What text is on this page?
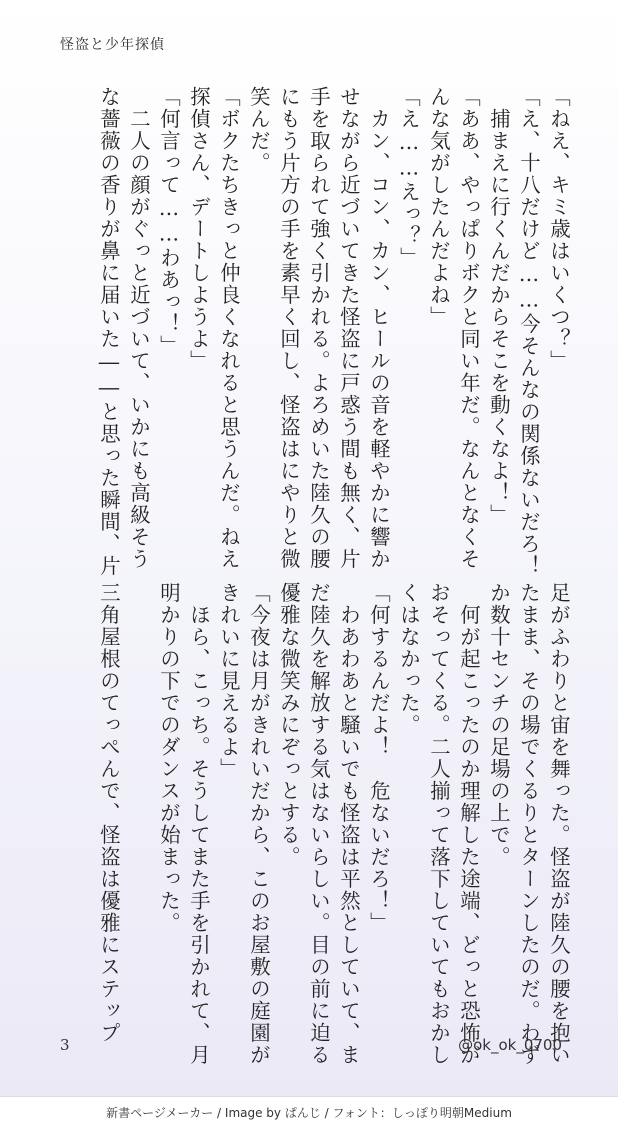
怪盗と少年探偵
「ねえ、キミ歳はいくつ？」
「え、十八だけど……今そんなの関係ないだろ！
　捕まえに行くんだからそこを動くなよ！」
「ああ、やっぱりボクと同い年だ。なんとなくそ
んな気がしたんだよね」
「え……えっ？」
　カン、コン、カン、ヒールの音を軽やかに響か
せながら近づいてきた怪盗に戸惑う間も無く、片
手を取られて強く引かれる。よろめいた陸久の腰
にもう片方の手を素早く回し、怪盗はにやりと微
笑んだ。
「ボクたちきっと仲良くなれると思うんだ。ねえ
探偵さん、デートしようよ」
「何言って……わあっ！」
　二人の顔がぐっと近づいて、いかにも高級そう
な薔薇の香りが鼻に届いた――と思った瞬間、片
足がふわりと宙を舞った。怪盗が陸久の腰を抱い
たまま、その場でくるりとターンしたのだ。わず
か数十センチの足場の上で。
　何が起こったのか理解した途端、どっと恐怖が
おそってくる。二人揃って落下していてもおかし
くはなかった。
「何するんだよ！　危ないだろ！」
　わあわあと騒いでも怪盗は平然としていて、ま
だ陸久を解放する気はないらしい。目の前に迫る
優雅な微笑みにぞっとする。
「今夜は月がきれいだから、このお屋敷の庭園が
きれいに見えるよ」
　ほら、こっち。そうしてまた手を引かれて、月
明かりの下でのダンスが始まった。
三角屋根のてっぺんで、怪盗は優雅にステップ
3	@ok_ok_0700
新書ページメーカー / Image by ぱんじ / フォント：しっぽり明朝Medium
